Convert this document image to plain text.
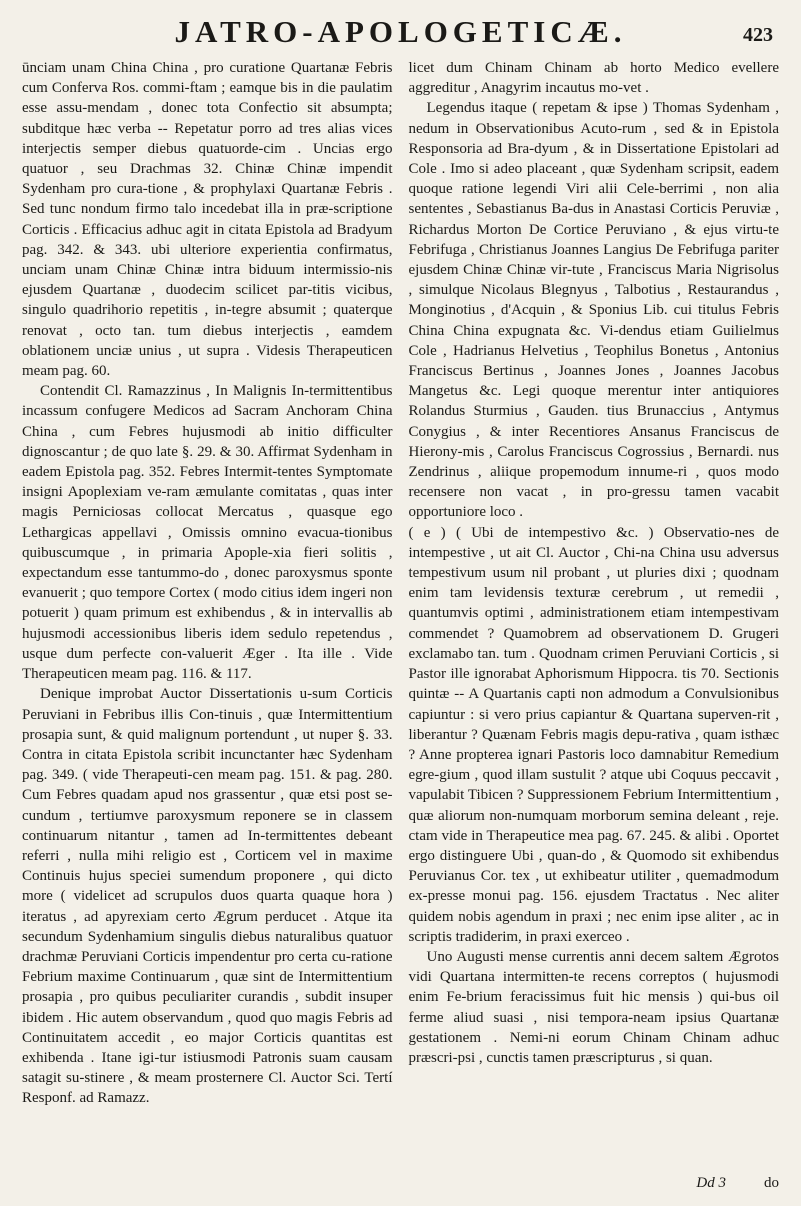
JATRO-APOLOGETICÆ.	423

ūnciam unam China China , pro curatione Quartanæ Febris cum Conferva Ros. commi-ftam ; eamque bis in die paulatim esse assu-mendam , donec tota Confectio sit absumpta; subditque hæc verba -- Repetatur porro ad tres alias vices interjectis semper diebus quatuorde-cim . Uncias ergo quatuor , seu Drachmas 32. Chinæ Chinæ impendit Sydenham pro cura-tione , & prophylaxi Quartanæ Febris . Sed tunc nondum firmo talo incedebat illa in præ-scriptione Corticis . Efficacius adhuc agit in citata Epistola ad Bradyum pag. 342. & 343. ubi ulteriore experientia confirmatus, unciam unam Chinæ Chinæ intra biduum intermissio-nis ejusdem Quartanæ , duodecim scilicet par-titis vicibus, singulo quadrihorio repetitis , in-tegre absumit ; quaterque renovat , octo tan. tum diebus interjectis , eamdem oblationem unciæ unius , ut supra . Videsis Therapeuticen meam pag. 60.

Contendit Cl. Ramazzinus , In Malignis In-termittentibus incassum confugere Medicos ad Sacram Anchoram China China , cum Febres hujusmodi ab initio difficulter dignoscantur ; de quo late §. 29. & 30. Affirmat Sydenham in eadem Epistola pag. 352. Febres Intermit-tentes Symptomate insigni Apoplexiam ve-ram æmulante comitatas , quas inter magis Perniciosas collocat Mercatus , quasque ego Lethargicas appellavi , Omissis omnino evacua-tionibus quibuscumque , in primaria Apople-xia fieri solitis , expectandum esse tantummo-do , donec paroxysmus sponte evanuerit ; quo tempore Cortex ( modo citius idem ingeri non potuerit ) quam primum est exhibendus , & in intervallis ab hujusmodi accessionibus liberis idem sedulo repetendus , usque dum perfecte con-valuerit Æger . Ita ille . Vide Therapeuticen meam pag. 116. & 117.

Denique improbat Auctor Dissertationis u-sum Corticis Peruviani in Febribus illis Con-tinuis , quæ Intermittentium prosapia sunt, & quid malignum portendunt , ut nuper §. 33. Contra in citata Epistola scribit incunctanter hæc Sydenham pag. 349. ( vide Therapeuti-cen meam pag. 151. & pag. 280. Cum Febres quadam apud nos grassentur , quæ etsi post se-cundum , tertiumve paroxysmum reponere se in classem continuarum nitantur , tamen ad In-termittentes debeant referri , nulla mihi religio est , Corticem vel in maxime Continuis hujus speciei sumendum proponere , qui dicto more ( videlicet ad scrupulos duos quarta quaque hora ) iteratus , ad apyrexiam certo Ægrum perducet . Atque ita secundum Sydenhamium singulis diebus naturalibus quatuor drachmæ Peruviani Corticis impendentur pro certa cu-ratione Febrium maxime Continuarum , quæ sint de Intermittentium prosapia , pro quibus peculiariter curandis , subdit insuper ibidem . Hic autem observandum , quod quo magis Febris ad Continuitatem accedit , eo major Corticis quantitas est exhibenda . Itane igi-tur istiusmodi Patronis suam causam satagit su-stinere , & meam prosternere Cl. Auctor Sci. Tertí Responf. ad Ramazz.

licet dum Chinam Chinam ab horto Medico evellere aggreditur , Anagyrim incautus mo-vet .

Legendus itaque ( repetam & ipse ) Thomas Sydenham , nedum in Observationibus Acuto-rum , sed & in Epistola Responsoria ad Bra-dyum , & in Dissertatione Epistolari ad Cole . Imo si adeo placeant , quæ Sydenham scripsit, eadem quoque ratione legendi Viri alii Cele-berrimi , non alia sententes , Sebastianus Ba-dus in Anastasi Corticis Peruviæ , Richardus Morton De Cortice Peruviano , & ejus virtu-te Febrifuga , Christianus Joannes Langius De Febrifuga pariter ejusdem Chinæ Chinæ vir-tute , Franciscus Maria Nigrisolus , simulque Nicolaus Blegnyus , Talbotius , Restaurandus , Monginotius , d'Acquin , & Sponius Lib. cui titulus Febris China China expugnata &c. Vi-dendus etiam Guilielmus Cole , Hadrianus Helvetius , Teophilus Bonetus , Antonius Franciscus Bertinus , Joannes Jones , Joannes Jacobus Mangetus &c. Legi quoque merentur inter antiquiores Rolandus Sturmius , Gauden. tius Brunaccius , Antymus Conygius , & inter Recentiores Ansanus Franciscus de Hierony-mis , Carolus Franciscus Cogrossius , Bernardi. nus Zendrinus , aliique propemodum innume-ri , quos modo recensere non vacat , in pro-gressu tamen vacabit opportuniore loco .

( e ) ( Ubi de intempestivo &c. ) Observatio-nes de intempestive , ut ait Cl. Auctor , Chi-na China usu adversus tempestivum usum nil probant , ut pluries dixi ; quodnam enim tam levidensis texturæ cerebrum , ut remedii , quantumvis optimi , administrationem etiam intempestivam commendet ? Quamobrem ad observationem D. Grugeri exclamabo tan. tum . Quodnam crimen Peruviani Corticis , si Pastor ille ignorabat Aphorismum Hippocra. tis 70. Sectionis quintæ -- A Quartanis capti non admodum a Convulsionibus capiuntur : si vero prius capiantur & Quartana superven-rit , liberantur ? Quænam Febris magis depu-rativa , quam isthæc ? Anne propterea ignari Pastoris loco damnabitur Remedium egre-gium , quod illam sustulit ? atque ubi Coquus peccavit , vapulabit Tibicen ? Suppressionem Febrium Intermittentium , quæ aliorum non-numquam morborum semina deleant , reje. ctam vide in Therapeutice mea pag. 67. 245. & alibi . Oportet ergo distinguere Ubi , quan-do , & Quomodo sit exhibendus Peruvianus Cor. tex , ut exhibeatur utiliter , quemadmodum ex-presse monui pag. 156. ejusdem Tractatus . Nec aliter quidem nobis agendum in praxi ; nec enim ipse aliter , ac in scriptis tradiderim, in praxi exerceo .

Uno Augusti mense currentis anni decem saltem Ægrotos vidi Quartana intermitten-te recens correptos ( hujusmodi enim Fe-brium feracissimus fuit hic mensis ) qui-bus oil ferme aliud suasi , nisi tempora-neam ipsius Quartanæ gestationem . Nemi-ni eorum Chinam Chinam adhuc præscri-psi , cunctis tamen præscripturus , si quan.

Dd 3	do
